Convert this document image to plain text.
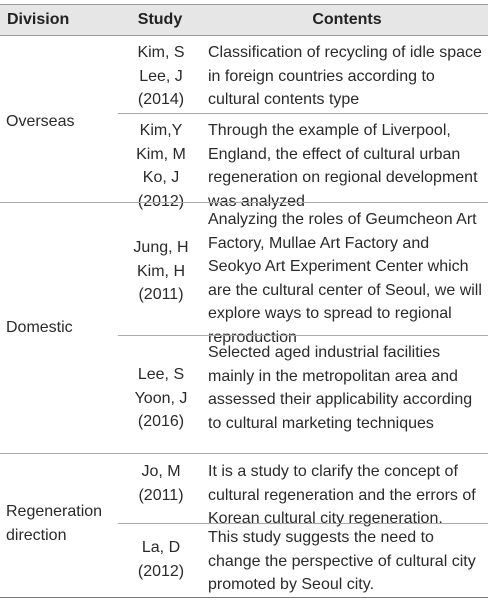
Division	Study	Contents
Overseas
Kim, S
Lee, J
(2014)
Classification of recycling of idle space in foreign countries according to cultural contents type
Kim,Y
Kim, M
Ko, J
(2012)
Through the example of Liverpool, England, the effect of cultural urban regeneration on regional development was analyzed
Domestic
Jung, H
Kim, H
(2011)
Analyzing the roles of Geumcheon Art Factory, Mullae Art Factory and Seokyo Art Experiment Center which are the cultural center of Seoul, we will explore ways to spread to regional reproduction
Lee, S
Yoon, J
(2016)
Selected aged industrial facilities mainly in the metropolitan area and assessed their applicability according to cultural marketing techniques
Regeneration
direction
Jo, M
(2011)
It is a study to clarify the concept of cultural regeneration and the errors of Korean cultural city regeneration.
La, D
(2012)
This study suggests the need to change the perspective of cultural city promoted by Seoul city.
